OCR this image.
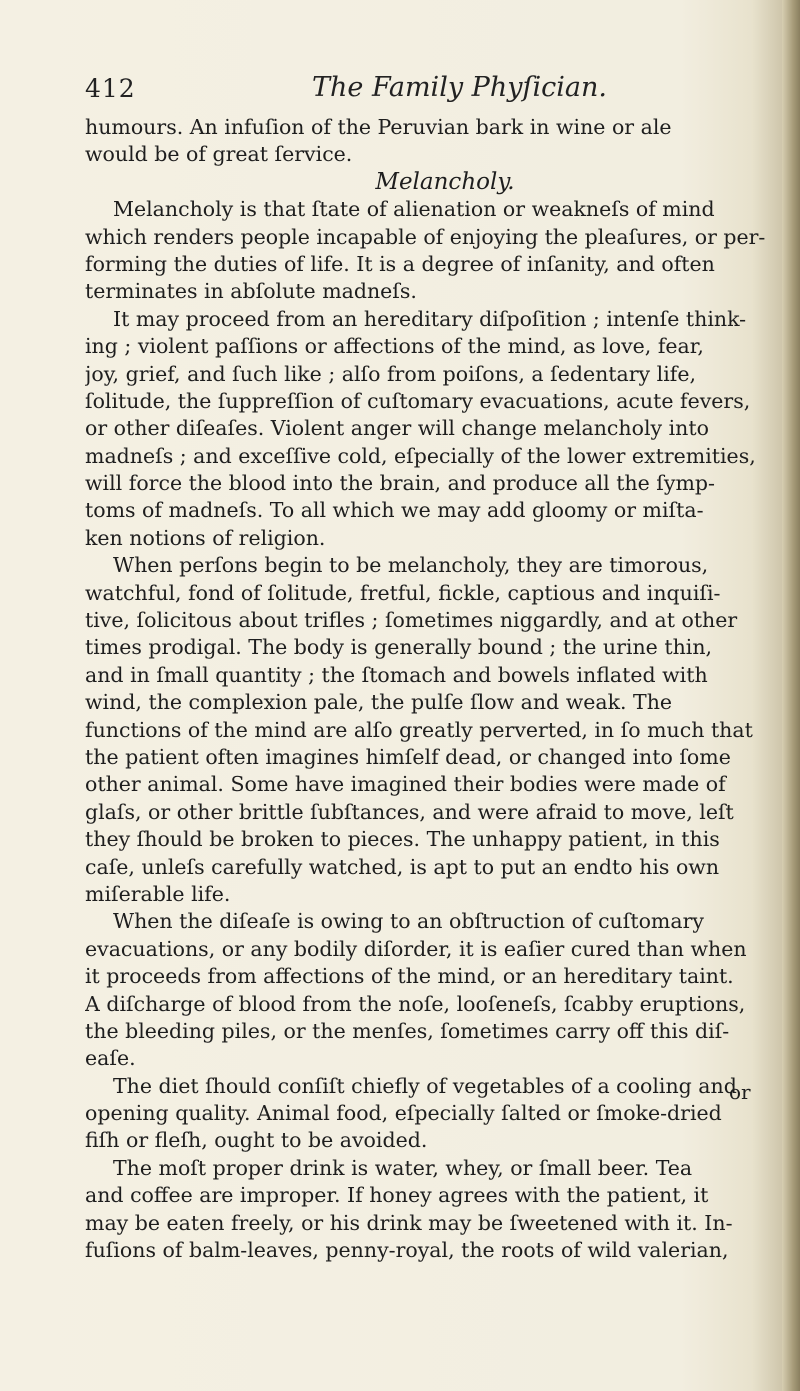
412	The Family Phyſician.
humours. An infuſion of the Peruvian bark in wine or ale
would be of great ſervice.
Melancholy.
Melancholy is that ſtate of alienation or weakneſs of mind
which renders people incapable of enjoying the pleaſures, or per-
forming the duties of life. It is a degree of inſanity, and often
terminates in abſolute madneſs.
It may proceed from an hereditary diſpoſition ; intenſe think-
ing ; violent paſſions or affections of the mind, as love, fear,
joy, grief, and ſuch like ; alſo from poiſons, a ſedentary life,
ſolitude, the ſuppreſſion of cuſtomary evacuations, acute fevers,
or other diſeaſes. Violent anger will change melancholy into
madneſs ; and exceſſive cold, eſpecially of the lower extremities,
will force the blood into the brain, and produce all the ſymp-
toms of madneſs. To all which we may add gloomy or miſta-
ken notions of religion.
When perſons begin to be melancholy, they are timorous,
watchful, fond of ſolitude, fretful, fickle, captious and inquiſi-
tive, ſolicitous about trifles ; ſometimes niggardly, and at other
times prodigal. The body is generally bound ; the urine thin,
and in ſmall quantity ; the ſtomach and bowels inflated with
wind, the complexion pale, the pulſe ſlow and weak. The
functions of the mind are alſo greatly perverted, in ſo much that
the patient often imagines himſelf dead, or changed into ſome
other animal. Some have imagined their bodies were made of
glaſs, or other brittle ſubſtances, and were afraid to move, leſt
they ſhould be broken to pieces. The unhappy patient, in this
caſe, unleſs carefully watched, is apt to put an endto his own
miſerable life.
When the diſeaſe is owing to an obſtruction of cuſtomary
evacuations, or any bodily diſorder, it is eaſier cured than when
it proceeds from affections of the mind, or an hereditary taint.
A diſcharge of blood from the noſe, looſeneſs, ſcabby eruptions,
the bleeding piles, or the menſes, ſometimes carry off this diſ-
eaſe.
The diet ſhould conſiſt chiefly of vegetables of a cooling and
opening quality. Animal food, eſpecially ſalted or ſmoke-dried
fiſh or fleſh, ought to be avoided.
The moſt proper drink is water, whey, or ſmall beer. Tea
and coffee are improper. If honey agrees with the patient, it
may be eaten freely, or his drink may be ſweetened with it. In-
fuſions of balm-leaves, penny-royal, the roots of wild valerian,
or
